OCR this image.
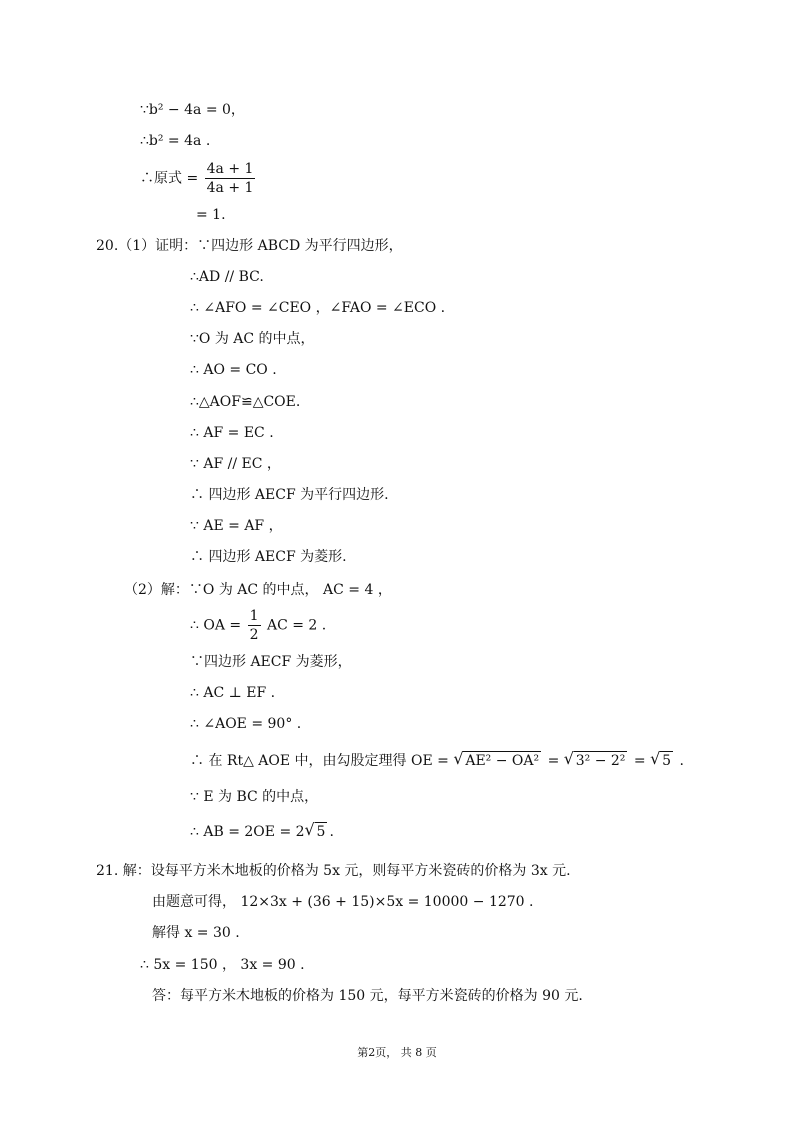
∵b² − 4a = 0，
∴b² = 4a .
∴原式 = $\frac{4a + 1}{4a + 1}$
= 1.
20.（1）证明：∵四边形 ABCD 为平行四边形，
∴AD // BC.
∴ ∠AFO = ∠CEO ，∠FAO = ∠ECO .
∵O 为 AC 的中点，
∴ AO = CO .
∴△AOF≌△COE.
∴ AF = EC .
∵ AF // EC ，
∴ 四边形 AECF 为平行四边形.
∵ AE = AF ，
∴ 四边形 AECF 为菱形.
（2）解：∵O 为 AC 的中点， AC = 4 ，
∴ OA = $\frac{1}{2}$ AC = 2 .
∵四边形 AECF 为菱形，
∴ AC ⊥ EF .
∴ ∠AOE = 90° .
∴ 在 Rt△ AOE 中，由勾股定理得 OE = √ AE² − OA² = √ 3² − 2² = √ 5 .
∵ E 为 BC 的中点，
∴ AB = 2OE = 2 √ 5 .
21. 解：设每平方米木地板的价格为 5x 元，则每平方米瓷砖的价格为 3x 元.
由题意可得， 12×3x + (36 + 15)×5x = 10000 − 1270 .
解得 x = 30 .
∴ 5x = 150 ， 3x = 90 .
答：每平方米木地板的价格为 150 元，每平方米瓷砖的价格为 90 元.
第2页， 共 8 页
